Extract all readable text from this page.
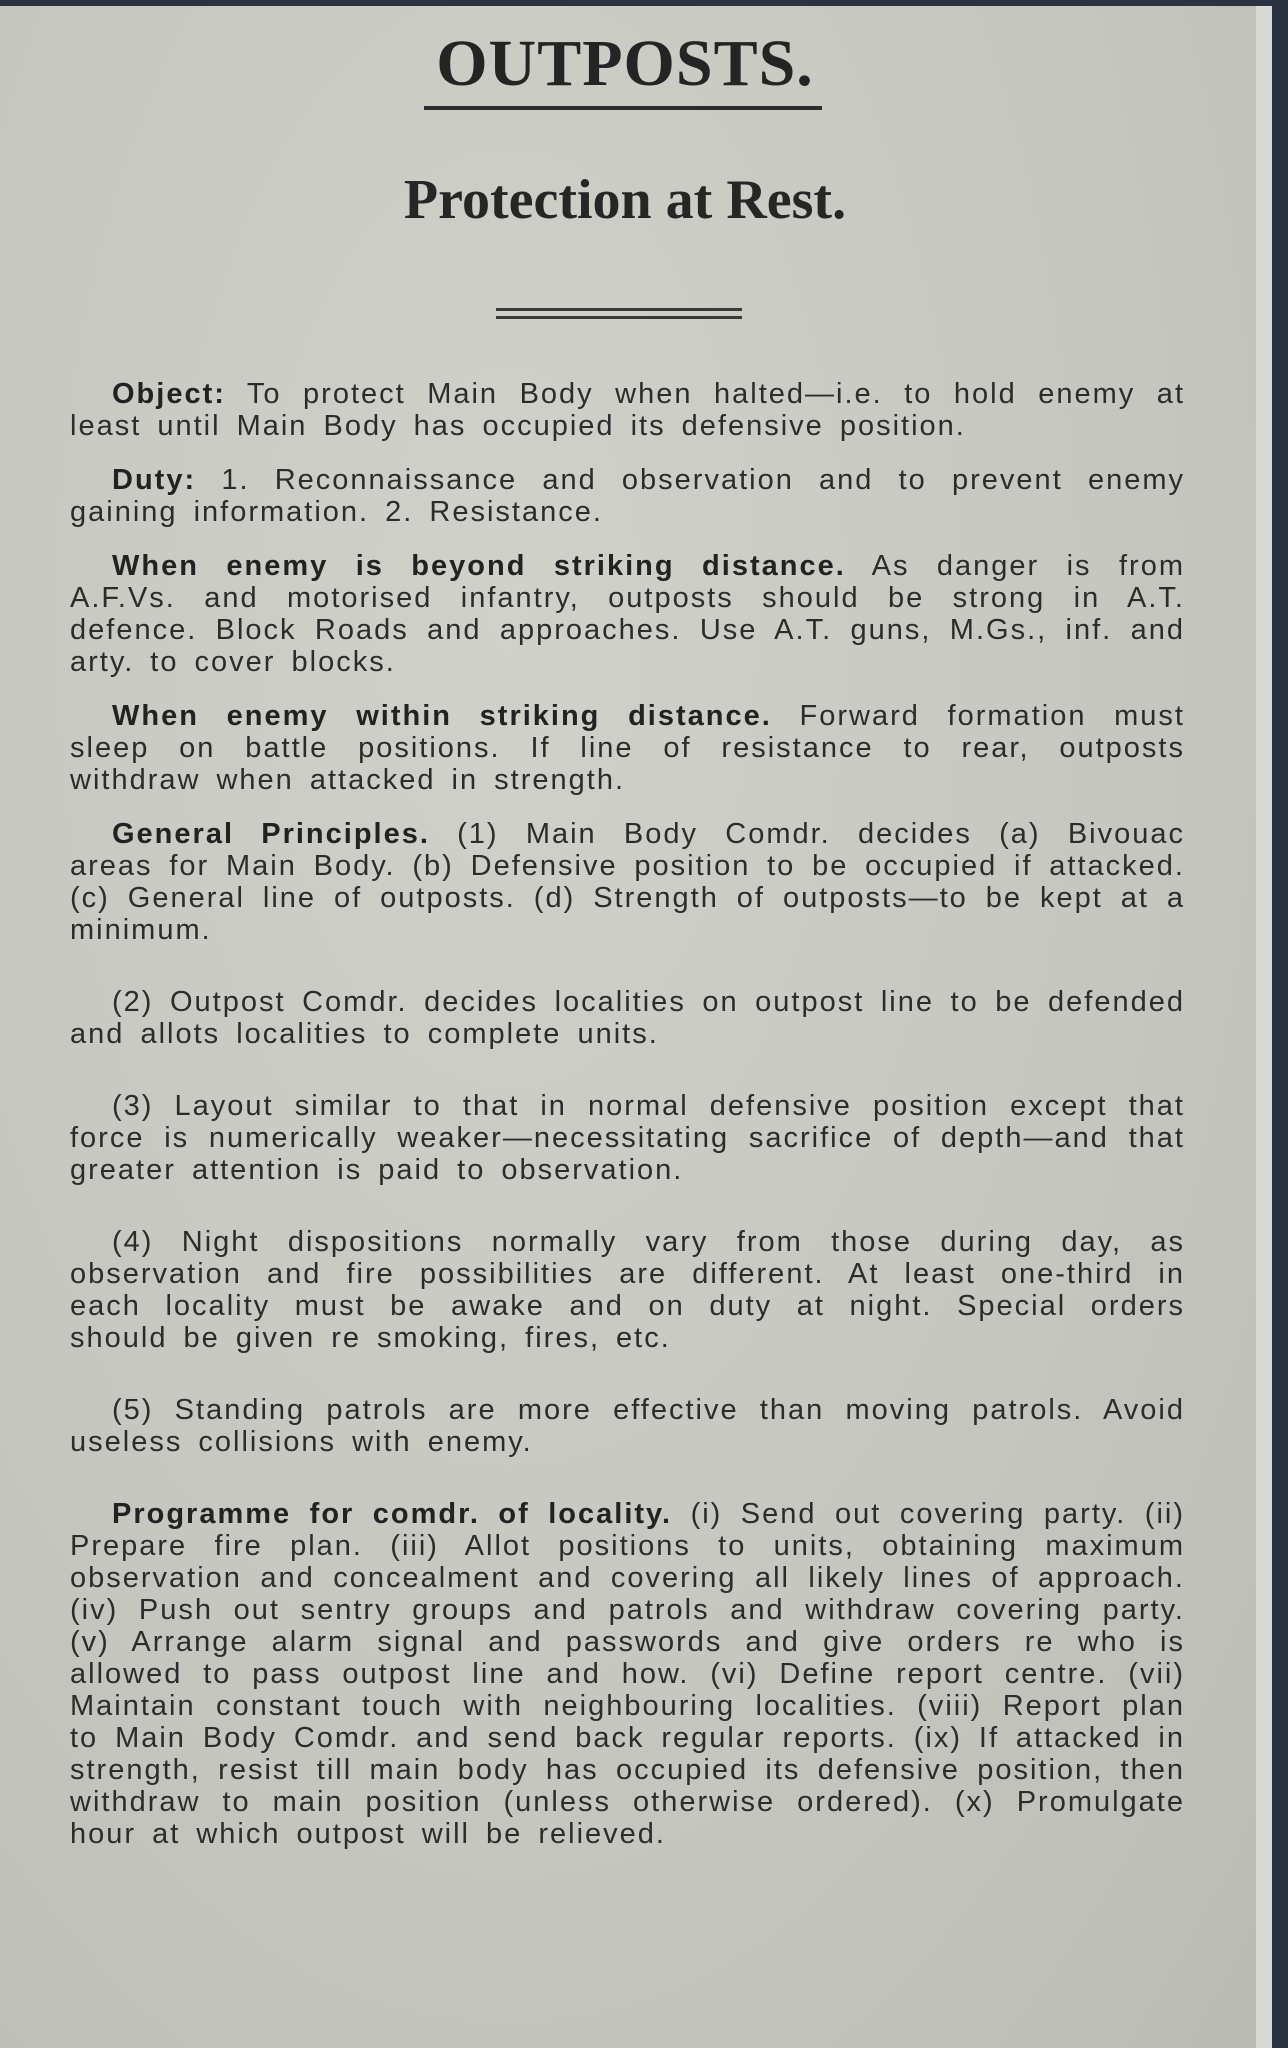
OUTPOSTS.
Protection at Rest.

Object: To protect Main Body when halted—i.e. to hold enemy at least until Main Body has occupied its defensive position.

Duty: 1. Reconnaissance and observation and to prevent enemy gaining information. 2. Resistance.

When enemy is beyond striking distance. As danger is from A.F.Vs. and motorised infantry, outposts should be strong in A.T. defence. Block Roads and approaches. Use A.T. guns, M.Gs., inf. and arty. to cover blocks.

When enemy within striking distance. Forward formation must sleep on battle positions. If line of resistance to rear, outposts withdraw when attacked in strength.

General Principles. (1) Main Body Comdr. decides (a) Bivouac areas for Main Body. (b) Defensive position to be occupied if attacked. (c) General line of outposts. (d) Strength of outposts—to be kept at a minimum.

(2) Outpost Comdr. decides localities on outpost line to be defended and allots localities to complete units.

(3) Layout similar to that in normal defensive position except that force is numerically weaker—necessitating sacrifice of depth—and that greater attention is paid to observation.

(4) Night dispositions normally vary from those during day, as observation and fire possibilities are different. At least one-third in each locality must be awake and on duty at night. Special orders should be given re smoking, fires, etc.

(5) Standing patrols are more effective than moving patrols. Avoid useless collisions with enemy.

Programme for comdr. of locality. (i) Send out covering party. (ii) Prepare fire plan. (iii) Allot positions to units, obtaining maximum observation and concealment and covering all likely lines of approach. (iv) Push out sentry groups and patrols and withdraw covering party. (v) Arrange alarm signal and passwords and give orders re who is allowed to pass outpost line and how. (vi) Define report centre. (vii) Maintain constant touch with neighbouring localities. (viii) Report plan to Main Body Comdr. and send back regular reports. (ix) If attacked in strength, resist till main body has occupied its defensive position, then withdraw to main position (unless otherwise ordered). (x) Promulgate hour at which outpost will be relieved.
